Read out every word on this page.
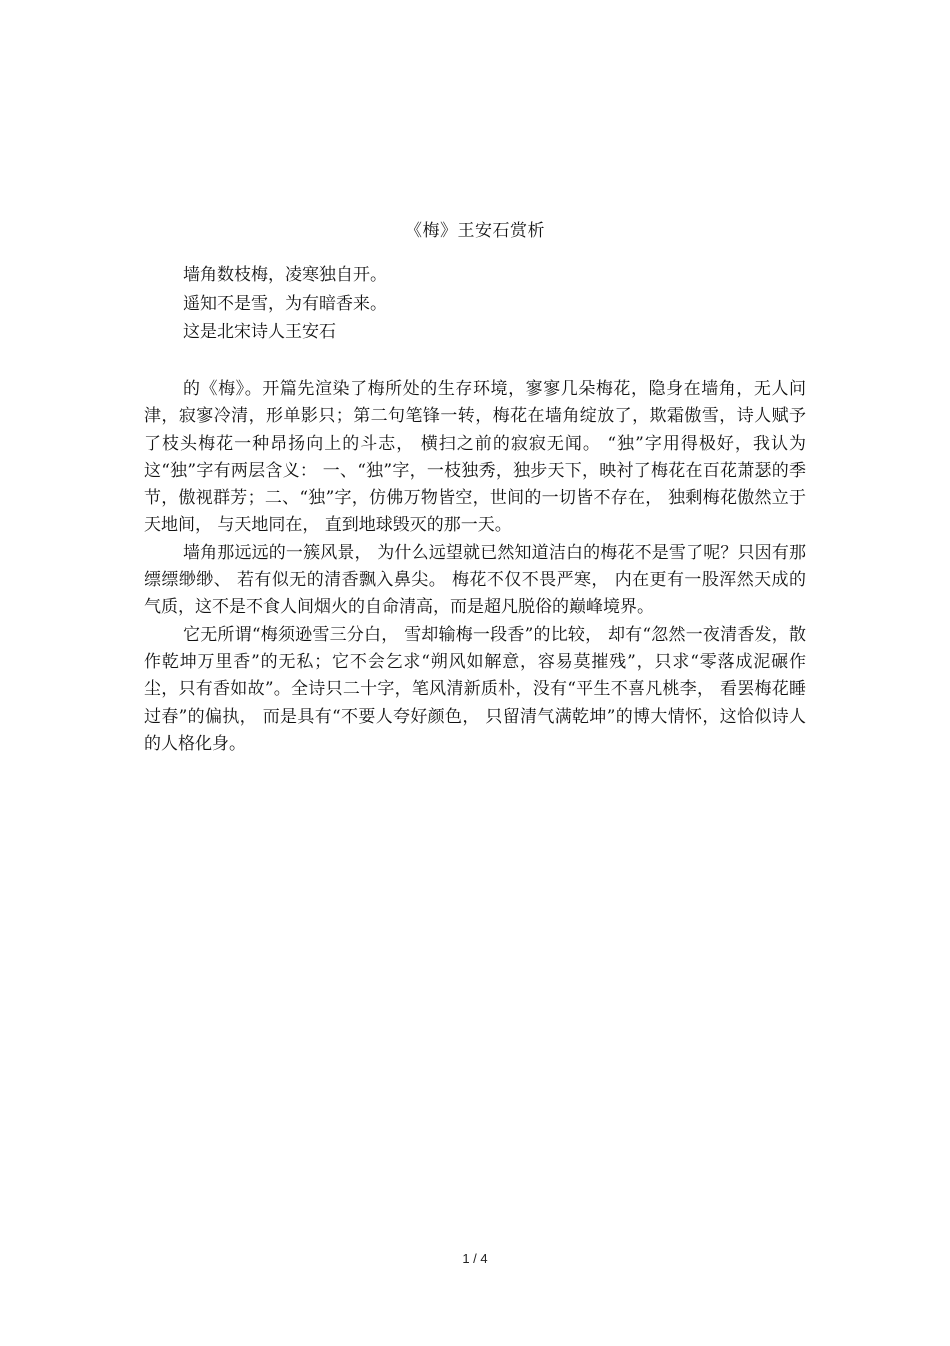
《梅》王安石赏析

墙角数枝梅，凌寒独自开。

遥知不是雪，为有暗香来。

这是北宋诗人王安石

的《梅》。开篇先渲染了梅所处的生存环境，寥寥几朵梅花，隐身在墙角，无人问津，寂寥冷清，形单影只；第二句笔锋一转，梅花在墙角绽放了，欺霜傲雪，诗人赋予了枝头梅花一种昂扬向上的斗志， 横扫之前的寂寂无闻。 “独”字用得极好，我认为这“独”字有两层含义： 一、“独”字，一枝独秀，独步天下，映衬了梅花在百花萧瑟的季节，傲视群芳；二、“独”字，仿佛万物皆空，世间的一切皆不存在， 独剩梅花傲然立于天地间， 与天地同在， 直到地球毁灭的那一天。

墙角那远远的一簇风景， 为什么远望就已然知道洁白的梅花不是雪了呢？只因有那缥缥缈缈、 若有似无的清香飘入鼻尖。 梅花不仅不畏严寒， 内在更有一股浑然天成的气质，这不是不食人间烟火的自命清高，而是超凡脱俗的巅峰境界。

它无所谓“梅须逊雪三分白， 雪却输梅一段香”的比较， 却有“忽然一夜清香发，散作乾坤万里香”的无私；它不会乞求“朔风如解意，容易莫摧残”，只求“零落成泥碾作尘，只有香如故”。全诗只二十字，笔风清新质朴，没有“平生不喜凡桃李， 看罢梅花睡过春”的偏执， 而是具有“不要人夸好颜色， 只留清气满乾坤”的博大情怀，这恰似诗人的人格化身。

1 / 4
